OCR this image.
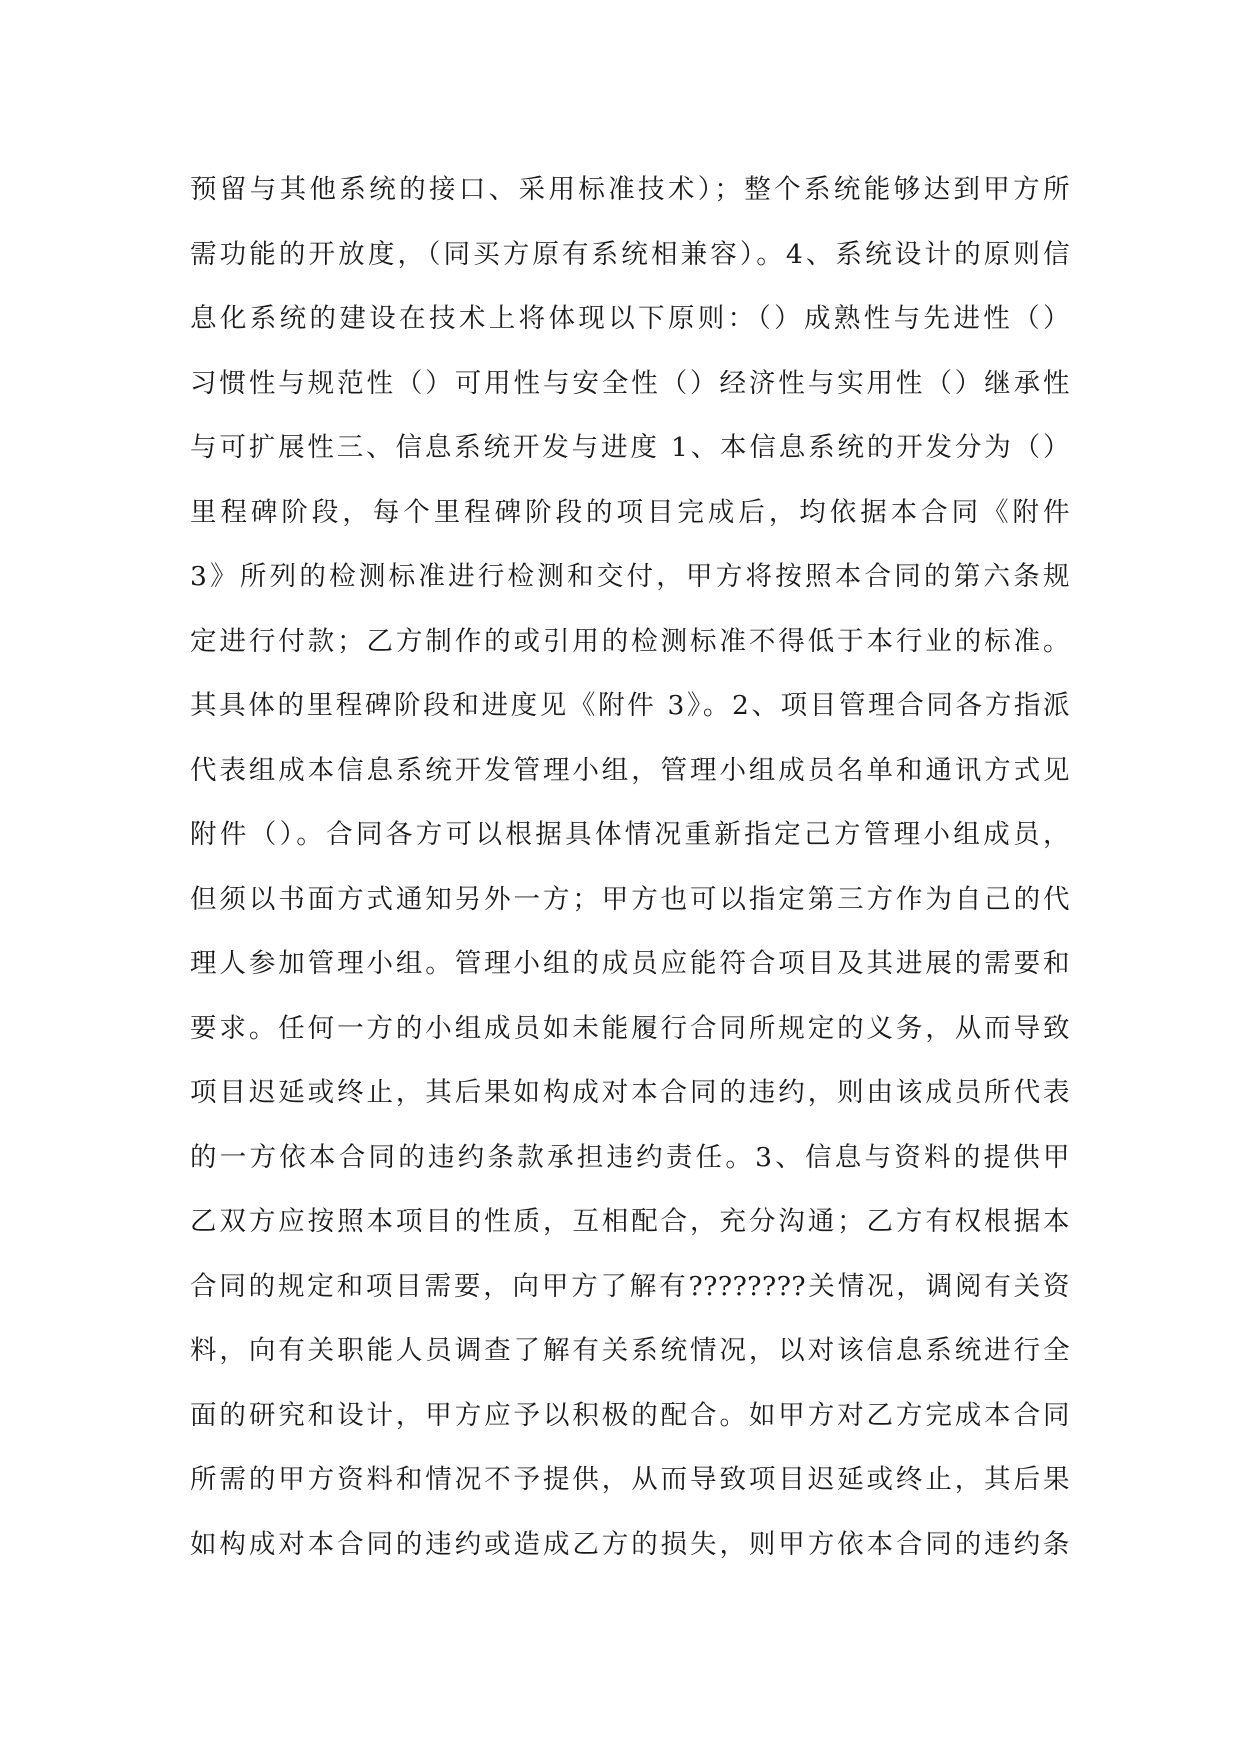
预留与其他系统的接口、采用标准技术）；整个系统能够达到甲方所
需功能的开放度，（同买方原有系统相兼容）。4、系统设计的原则信
息化系统的建设在技术上将体现以下原则：（）成熟性与先进性（）
习惯性与规范性（）可用性与安全性（）经济性与实用性（）继承性
与可扩展性三、信息系统开发与进度 1、本信息系统的开发分为（）
里程碑阶段，每个里程碑阶段的项目完成后，均依据本合同《附件
3》所列的检测标准进行检测和交付，甲方将按照本合同的第六条规
定进行付款；乙方制作的或引用的检测标准不得低于本行业的标准。
其具体的里程碑阶段和进度见《附件 3》。2、项目管理合同各方指派
代表组成本信息系统开发管理小组，管理小组成员名单和通讯方式见
附件（）。合同各方可以根据具体情况重新指定己方管理小组成员，
但须以书面方式通知另外一方；甲方也可以指定第三方作为自己的代
理人参加管理小组。管理小组的成员应能符合项目及其进展的需要和
要求。任何一方的小组成员如未能履行合同所规定的义务，从而导致
项目迟延或终止，其后果如构成对本合同的违约，则由该成员所代表
的一方依本合同的违约条款承担违约责任。3、信息与资料的提供甲
乙双方应按照本项目的性质，互相配合，充分沟通；乙方有权根据本
合同的规定和项目需要，向甲方了解有????????关情况，调阅有关资
料，向有关职能人员调查了解有关系统情况，以对该信息系统进行全
面的研究和设计，甲方应予以积极的配合。如甲方对乙方完成本合同
所需的甲方资料和情况不予提供，从而导致项目迟延或终止，其后果
如构成对本合同的违约或造成乙方的损失，则甲方依本合同的违约条
